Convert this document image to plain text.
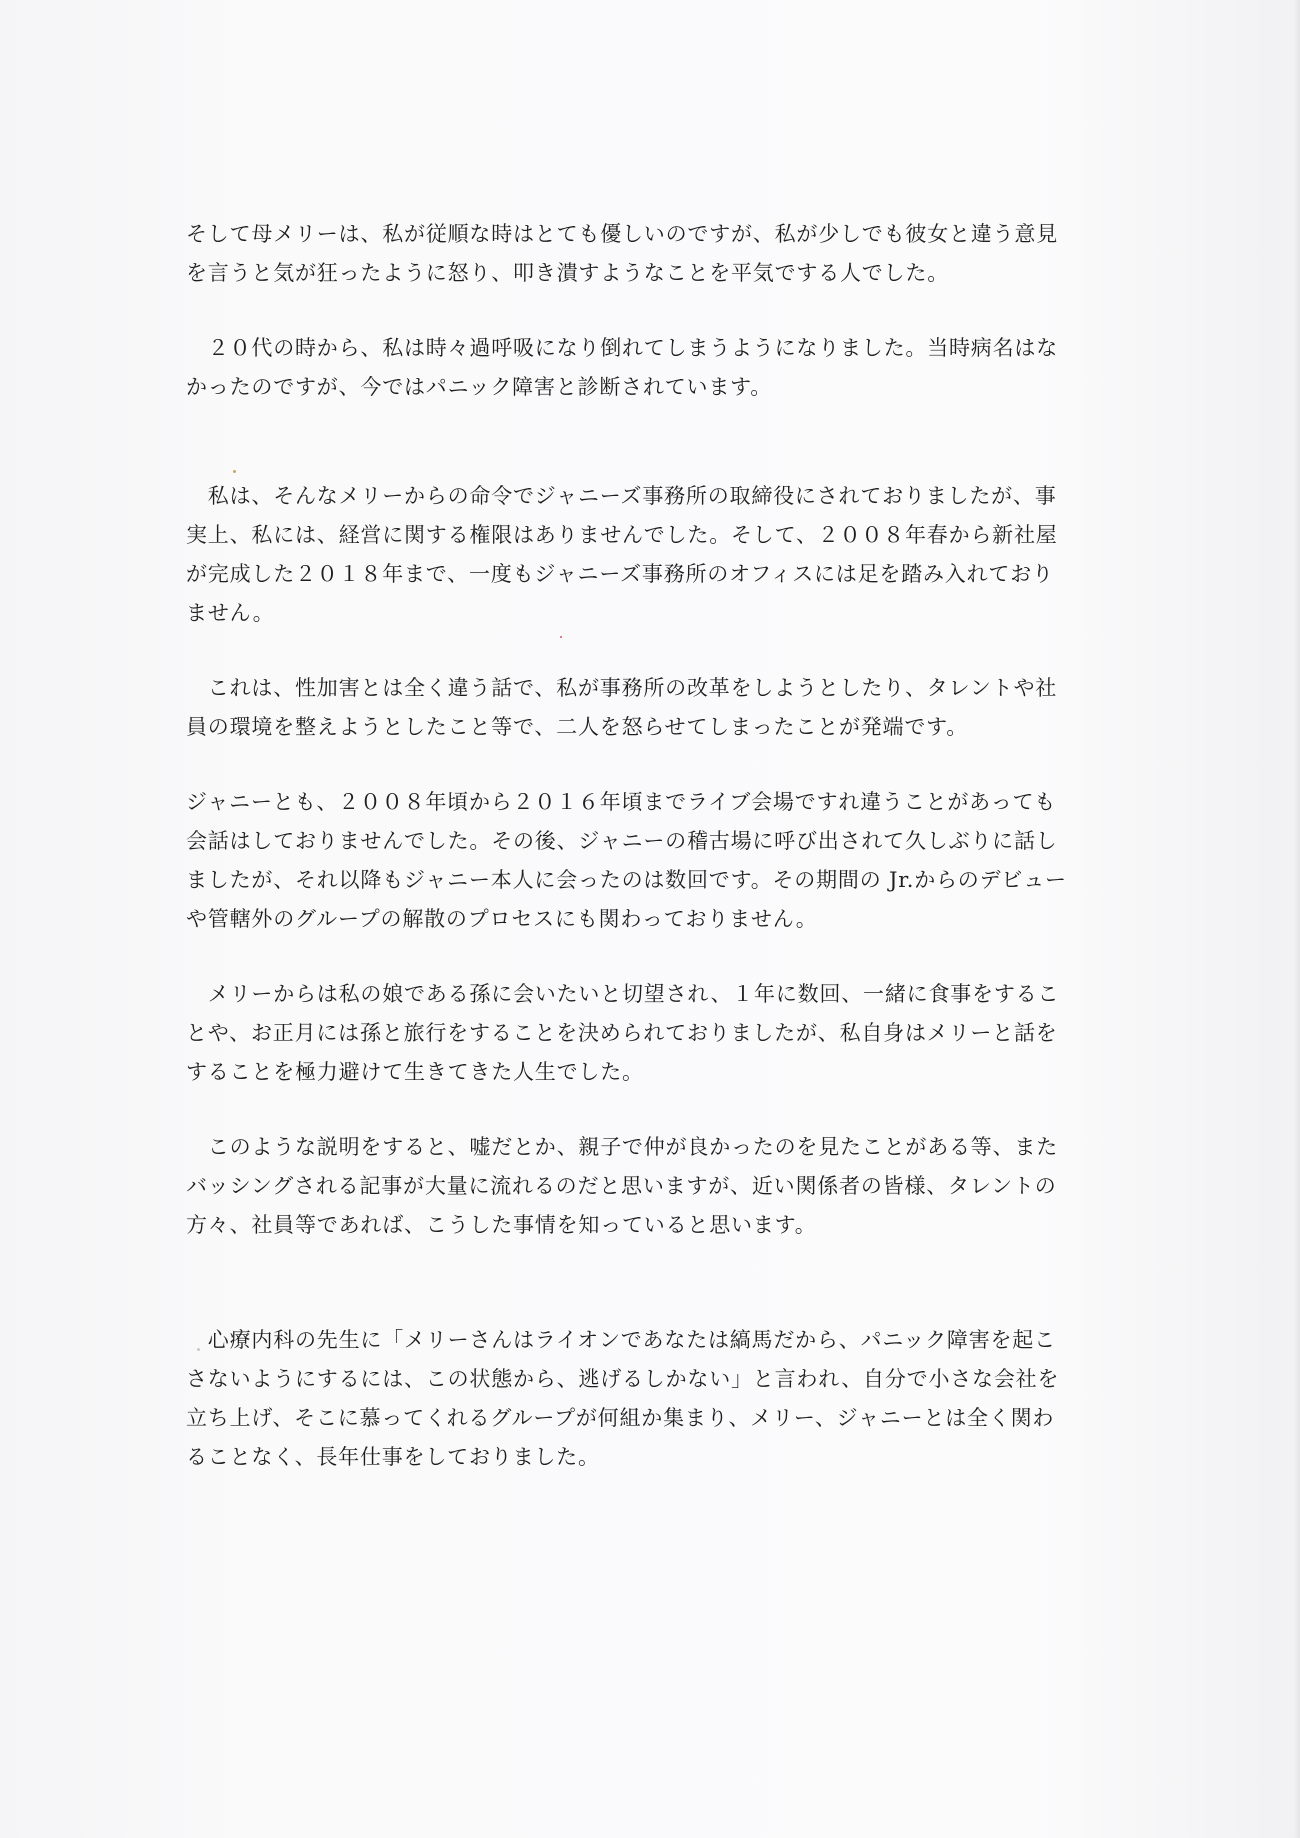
そして母メリーは、私が従順な時はとても優しいのですが、私が少しでも彼女と違う意見
を言うと気が狂ったように怒り、叩き潰すようなことを平気でする人でした。
　２０代の時から、私は時々過呼吸になり倒れてしまうようになりました。当時病名はな
かったのですが、今ではパニック障害と診断されています。
　私は、そんなメリーからの命令でジャニーズ事務所の取締役にされておりましたが、事
実上、私には、経営に関する権限はありませんでした。そして、２００８年春から新社屋
が完成した２０１８年まで、一度もジャニーズ事務所のオフィスには足を踏み入れており
ません。
　これは、性加害とは全く違う話で、私が事務所の改革をしようとしたり、タレントや社
員の環境を整えようとしたこと等で、二人を怒らせてしまったことが発端です。
ジャニーとも、２００８年頃から２０１６年頃までライブ会場ですれ違うことがあっても
会話はしておりませんでした。その後、ジャニーの稽古場に呼び出されて久しぶりに話し
ましたが、それ以降もジャニー本人に会ったのは数回です。その期間の Jr.からのデビュー
や管轄外のグループの解散のプロセスにも関わっておりません。
　メリーからは私の娘である孫に会いたいと切望され、１年に数回、一緒に食事をするこ
とや、お正月には孫と旅行をすることを決められておりましたが、私自身はメリーと話を
することを極力避けて生きてきた人生でした。
　このような説明をすると、嘘だとか、親子で仲が良かったのを見たことがある等、また
バッシングされる記事が大量に流れるのだと思いますが、近い関係者の皆様、タレントの
方々、社員等であれば、こうした事情を知っていると思います。
　心療内科の先生に「メリーさんはライオンであなたは縞馬だから、パニック障害を起こ
さないようにするには、この状態から、逃げるしかない」と言われ、自分で小さな会社を
立ち上げ、そこに慕ってくれるグループが何組か集まり、メリー、ジャニーとは全く関わ
ることなく、長年仕事をしておりました。
